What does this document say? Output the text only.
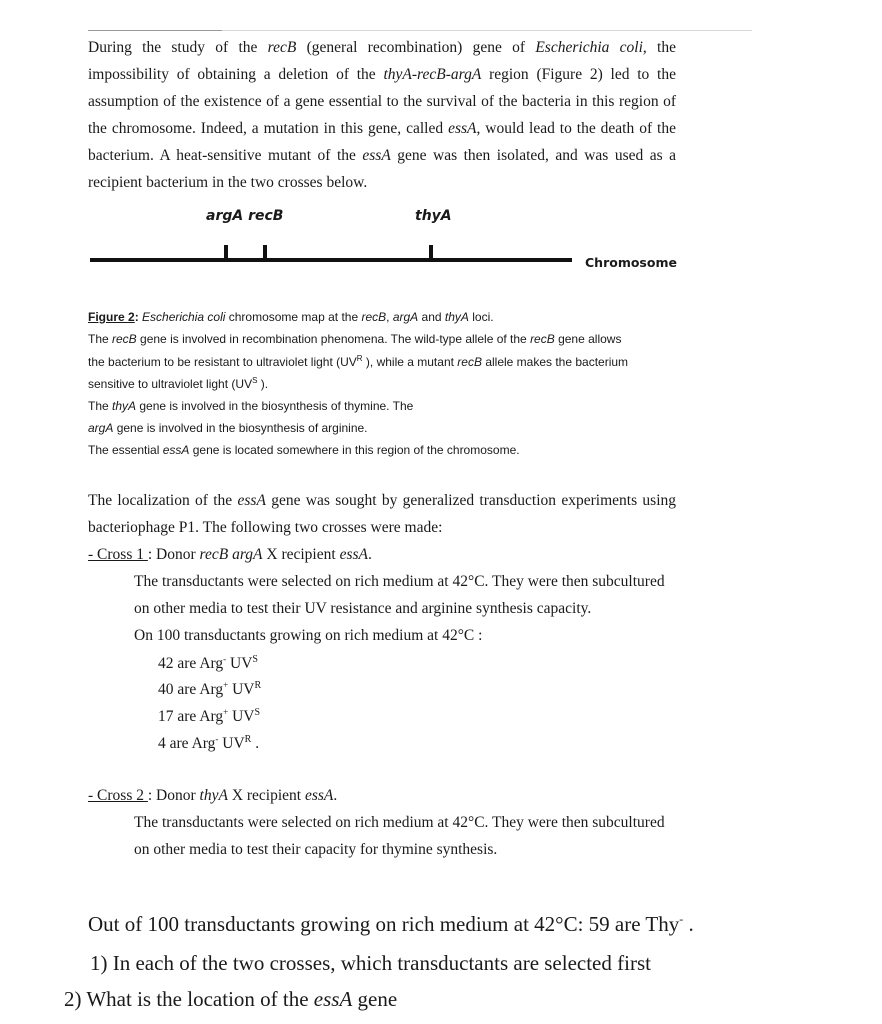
During the study of the recB (general recombination) gene of Escherichia coli, the
impossibility of obtaining a deletion of the thyA-recB-argA region (Figure 2) led to the
assumption of the existence of a gene essential to the survival of the bacteria in this region of
the chromosome. Indeed, a mutation in this gene, called essA, would lead to the death of the
bacterium. A heat-sensitive mutant of the essA gene was then isolated, and was used as a
recipient bacterium in the two crosses below.
argA recB	thyA
Chromosome
Figure 2: Escherichia coli chromosome map at the recB, argA and thyA loci.
The recB gene is involved in recombination phenomena. The wild-type allele of the recB gene allows
the bacterium to be resistant to ultraviolet light ($UV^R$ ), while a mutant recB allele makes the bacterium
sensitive to ultraviolet light ($UV^S$ ).
The thyA gene is involved in the biosynthesis of thymine. The
argA gene is involved in the biosynthesis of arginine.
The essential essA gene is located somewhere in this region of the chromosome.
The localization of the essA gene was sought by generalized transduction experiments using
bacteriophage P1. The following two crosses were made:
- Cross 1 : Donor recB argA X recipient essA.
The transductants were selected on rich medium at 42°C. They were then subcultured
on other media to test their UV resistance and arginine synthesis capacity.
On 100 transductants growing on rich medium at 42°C :
42 are Arg- $UV^S$
40 are Arg+ $UV^R$
17 are Arg+ $UV^S$
4 are Arg- $UV^R$ .
- Cross 2 : Donor thyA X recipient essA.
The transductants were selected on rich medium at 42°C. They were then subcultured
on other media to test their capacity for thymine synthesis.
Out of 100 transductants growing on rich medium at 42°C: 59 are Thy- .
1) In each of the two crosses, which transductants are selected first
2) What is the location of the essA gene
